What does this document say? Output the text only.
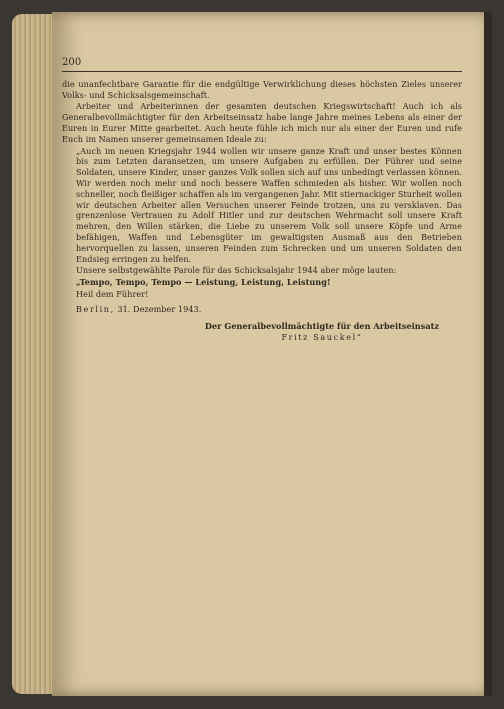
200

die unanfechtbare Garantie für die endgültige Verwirklichung dieses höchsten Zieles unserer Volks- und Schicksalsgemeinschaft.

Arbeiter und Arbeiterinnen der gesamten deutschen Kriegswirtschaft! Auch ich als Generalbevollmächtigter für den Arbeitseinsatz habe lange Jahre meines Lebens als einer der Euren in Eurer Mitte gearbeitet. Auch heute fühle ich mich nur als einer der Euren und rufe Euch im Namen unserer gemeinsamen Ideale zu:

„Auch im neuen Kriegsjahr 1944 wollen wir unsere ganze Kraft und unser bestes Können bis zum Letzten daransetzen, um unsere Aufgaben zu erfüllen. Der Führer und seine Soldaten, unsere Kinder, unser ganzes Volk sollen sich auf uns unbedingt verlassen können. Wir werden noch mehr und noch bessere Waffen schmieden als bisher. Wir wollen noch schneller, noch fleißiger schaffen als im vergangenen Jahr. Mit stiernackiger Sturheit wollen wir deutschen Arbeiter allen Versuchen unserer Feinde trotzen, uns zu versklaven. Das grenzenlose Vertrauen zu Adolf Hitler und zur deutschen Wehrmacht soll unsere Kraft mehren, den Willen stärken, die Liebe zu unserem Volk soll unsere Köpfe und Arme befähigen, Waffen und Lebensgüter im gewaltigsten Ausmaß aus den Betrieben hervorquellen zu lassen, unseren Feinden zum Schrecken und um unseren Soldaten den Endsieg erringen zu helfen.

Unsere selbstgewählte Parole für das Schicksalsjahr 1944 aber möge lauten:

„Tempo, Tempo, Tempo — Leistung, Leistung, Leistung!

Heil dem Führer!

Berlin, 31. Dezember 1943.

Der Generalbevollmächtigte für den Arbeitseinsatz

Fritz Sauckel“
